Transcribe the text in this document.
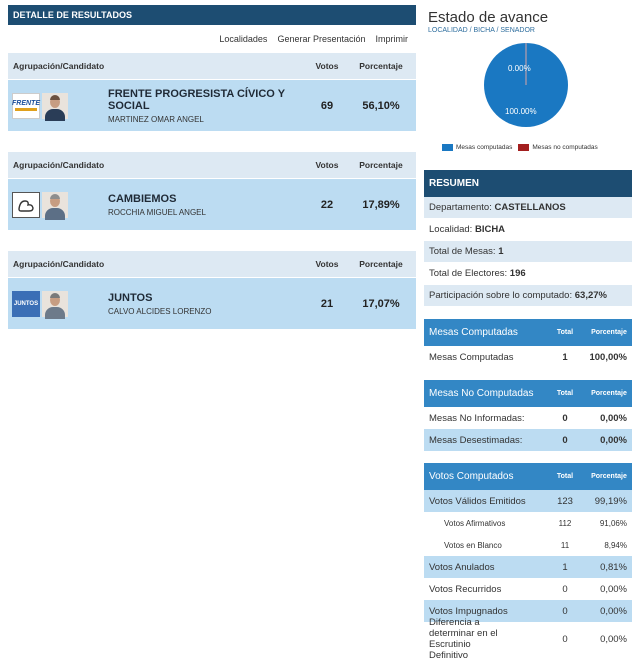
DETALLE DE RESULTADOS
Localidades Generar Presentación Imprimir
Agrupación/Candidato	Votos	Porcentaje
FRENTE
FRENTE PROGRESISTA CÍVICO Y SOCIAL
MARTINEZ OMAR ANGEL
69	56,10%
Agrupación/Candidato	Votos	Porcentaje
CAMBIEMOS
ROCCHIA MIGUEL ANGEL
22	17,89%
Agrupación/Candidato	Votos	Porcentaje
JUNTOS	JUNTOS
CALVO ALCIDES LORENZO
21	17,07%
Estado de avance
LOCALIDAD / BICHA / SENADOR
0.00%
100.00%
Mesas computadas	Mesas no computadas
RESUMEN
Departamento: CASTELLANOS
Localidad: BICHA
Total de Mesas: 1
Total de Electores: 196
Participación sobre lo computado: 63,27%
Mesas Computadas	Total	Porcentaje
Mesas Computadas	1	100,00%
Mesas No Computadas	Total	Porcentaje
Mesas No Informadas:	0	0,00%
Mesas Desestimadas:	0	0,00%
Votos Computados	Total	Porcentaje
Votos Válidos Emitidos	123	99,19%
Votos Afirmativos	112	91,06%
Votos en Blanco	11	8,94%
Votos Anulados	1	0,81%
Votos Recurridos	0	0,00%
Votos Impugnados	0	0,00%
Diferencia a determinar en el Escrutinio Definitivo
0	0,00%
